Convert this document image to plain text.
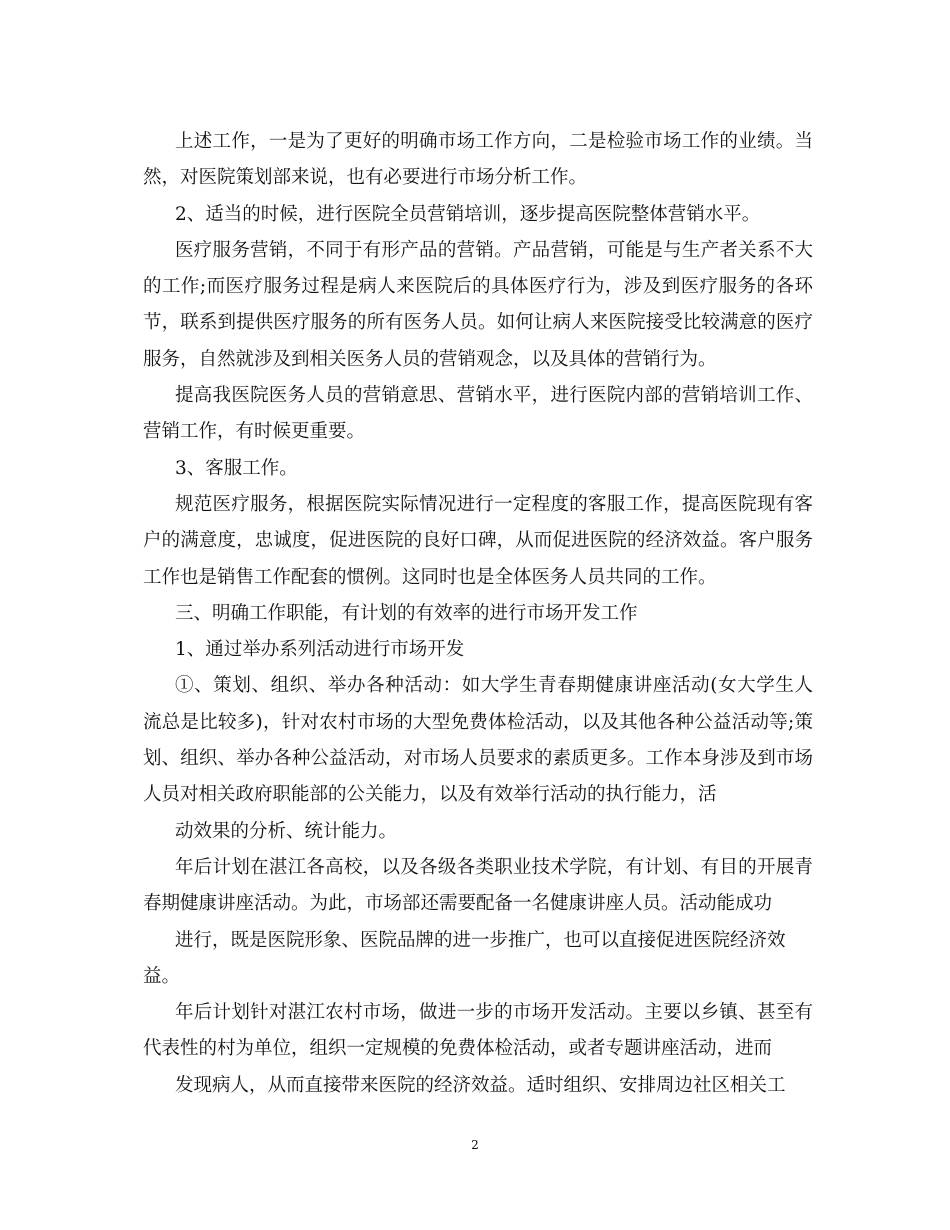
上述工作，一是为了更好的明确市场工作方向，二是检验市场工作的业绩。当
然，对医院策划部来说，也有必要进行市场分析工作。
2、适当的时候，进行医院全员营销培训，逐步提高医院整体营销水平。
医疗服务营销，不同于有形产品的营销。产品营销，可能是与生产者关系不大
的工作;而医疗服务过程是病人来医院后的具体医疗行为，涉及到医疗服务的各环
节，联系到提供医疗服务的所有医务人员。如何让病人来医院接受比较满意的医疗
服务，自然就涉及到相关医务人员的营销观念，以及具体的营销行为。
提高我医院医务人员的营销意思、营销水平，进行医院内部的营销培训工作、
营销工作，有时候更重要。
3、客服工作。
规范医疗服务，根据医院实际情况进行一定程度的客服工作，提高医院现有客
户的满意度，忠诚度，促进医院的良好口碑，从而促进医院的经济效益。客户服务
工作也是销售工作配套的惯例。这同时也是全体医务人员共同的工作。
三、明确工作职能，有计划的有效率的进行市场开发工作
1、通过举办系列活动进行市场开发
①、策划、组织、举办各种活动：如大学生青春期健康讲座活动(女大学生人
流总是比较多)，针对农村市场的大型免费体检活动，以及其他各种公益活动等;策
划、组织、举办各种公益活动，对市场人员要求的素质更多。工作本身涉及到市场
人员对相关政府职能部的公关能力，以及有效举行活动的执行能力，活
动效果的分析、统计能力。
年后计划在湛江各高校，以及各级各类职业技术学院，有计划、有目的开展青
春期健康讲座活动。为此，市场部还需要配备一名健康讲座人员。活动能成功
进行，既是医院形象、医院品牌的进一步推广，也可以直接促进医院经济效
益。
年后计划针对湛江农村市场，做进一步的市场开发活动。主要以乡镇、甚至有
代表性的村为单位，组织一定规模的免费体检活动，或者专题讲座活动，进而
发现病人，从而直接带来医院的经济效益。适时组织、安排周边社区相关工
2
